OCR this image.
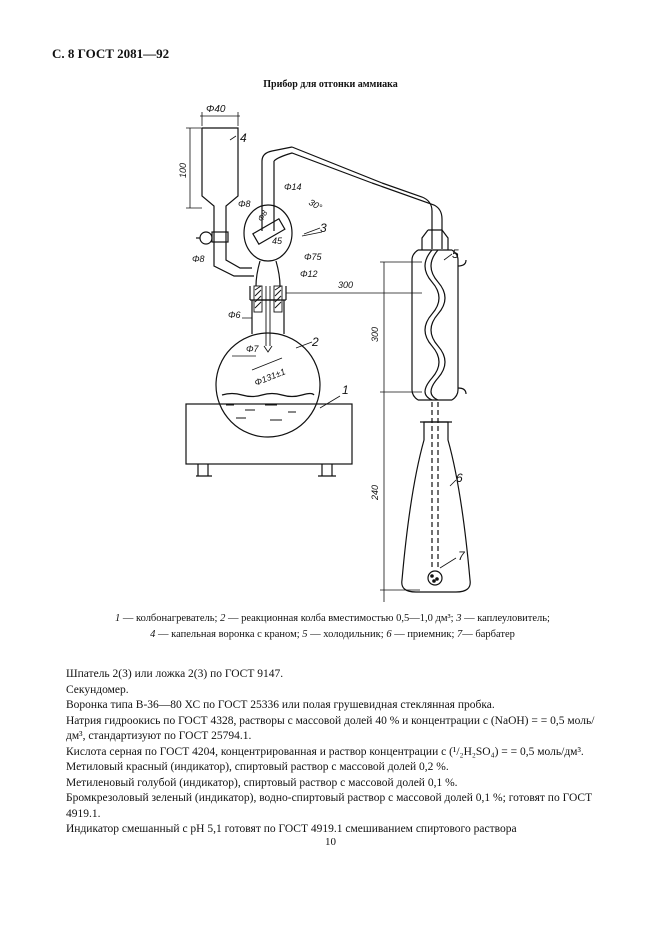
С. 8 ГОСТ 2081—92
Прибор для отгонки аммиака
Φ40
100
Φ14
Φ8	30°
Φ8
45
Φ75
Φ12
Φ8
300
Φ6
Φ7
Φ131±1
300
240
1
2
3
4
5
6
7
1 — колбонагреватель; 2 — реакционная колба вместимостью 0,5—1,0 дм³; 3 — каплеуловитель;
4 — капельная воронка с краном; 5 — холодильник; 6 — приемник; 7— барбатер

Шпатель 2(3) или ложка 2(3) по ГОСТ 9147.

Секундомер.

Воронка типа В-36—80 ХС по ГОСТ 25336 или полая грушевидная стеклянная пробка.

Натрия гидроокись по ГОСТ 4328, растворы с массовой долей 40 % и концентрации c (NaOH) = = 0,5 моль/дм³, стандартизуют по ГОСТ 25794.1.

Кислота серная по ГОСТ 4204, концентрированная и раствор концентрации c (¹/₂H₂SO₄) = = 0,5 моль/дм³.

Метиловый красный (индикатор), спиртовый раствор с массовой долей 0,2 %.

Метиленовый голубой (индикатор), спиртовый раствор с массовой долей 0,1 %.

Бромкрезоловый зеленый (индикатор), водно-спиртовый раствор с массовой долей 0,1 %; готовят по ГОСТ 4919.1.

Индикатор смешанный с pH 5,1 готовят по ГОСТ 4919.1 смешиванием спиртового раствора

10
